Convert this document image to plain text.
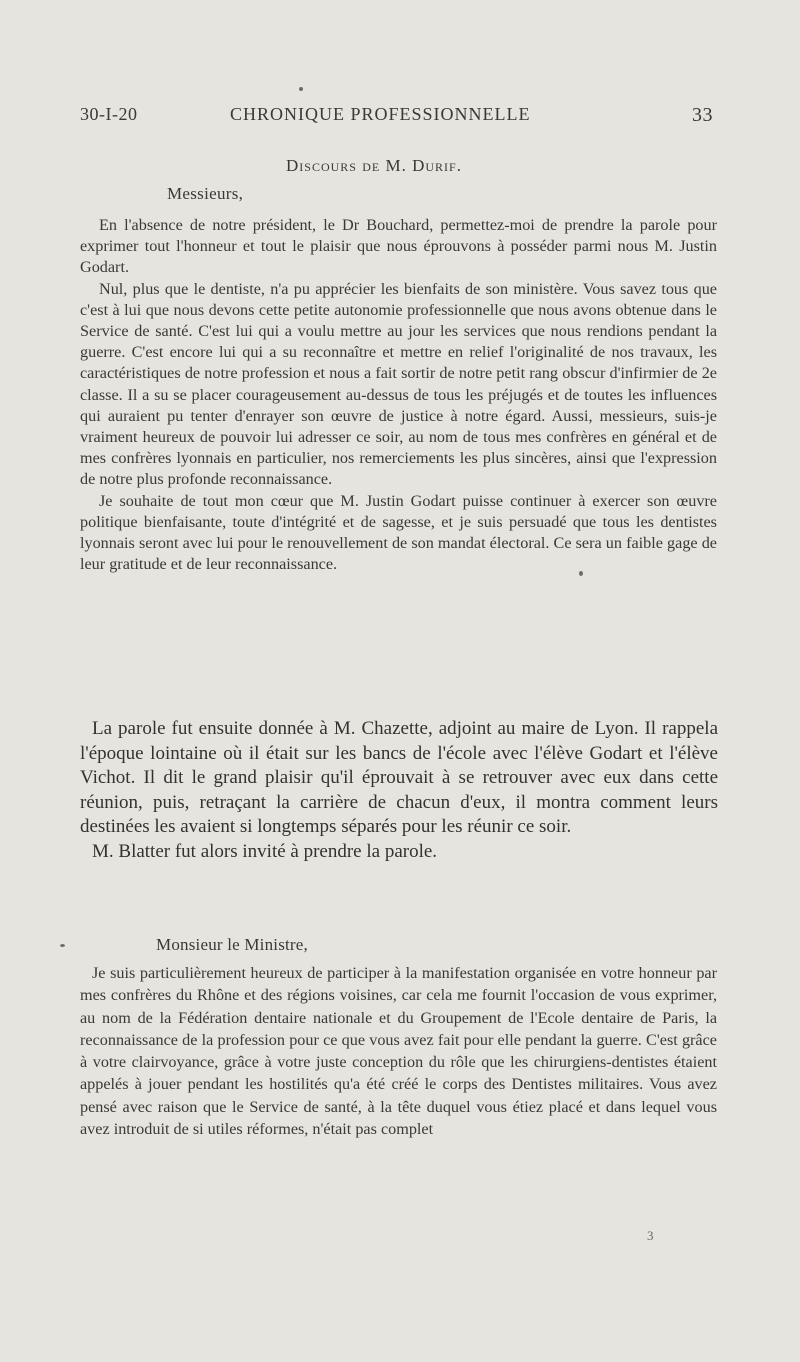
30-I-20	CHRONIQUE PROFESSIONNELLE	33
Discours de M. Durif.
Messieurs,

En l'absence de notre président, le Dr Bouchard, permettez-moi de prendre la parole pour exprimer tout l'honneur et tout le plaisir que nous éprouvons à posséder parmi nous M. Justin Godart.

Nul, plus que le dentiste, n'a pu apprécier les bienfaits de son ministère. Vous savez tous que c'est à lui que nous devons cette petite autonomie professionnelle que nous avons obtenue dans le Service de santé. C'est lui qui a voulu mettre au jour les services que nous rendions pendant la guerre. C'est encore lui qui a su reconnaître et mettre en relief l'originalité de nos travaux, les caractéristiques de notre profession et nous a fait sortir de notre petit rang obscur d'infirmier de 2e classe. Il a su se placer courageusement au-dessus de tous les préjugés et de toutes les influences qui auraient pu tenter d'enrayer son œuvre de justice à notre égard. Aussi, messieurs, suis-je vraiment heureux de pouvoir lui adresser ce soir, au nom de tous mes confrères en général et de mes confrères lyonnais en particulier, nos remerciements les plus sincères, ainsi que l'expression de notre plus profonde reconnaissance.

Je souhaite de tout mon cœur que M. Justin Godart puisse continuer à exercer son œuvre politique bienfaisante, toute d'intégrité et de sagesse, et je suis persuadé que tous les dentistes lyonnais seront avec lui pour le renouvellement de son mandat électoral. Ce sera un faible gage de leur gratitude et de leur reconnaissance.

La parole fut ensuite donnée à M. Chazette, adjoint au maire de Lyon. Il rappela l'époque lointaine où il était sur les bancs de l'école avec l'élève Godart et l'élève Vichot. Il dit le grand plaisir qu'il éprouvait à se retrouver avec eux dans cette réunion, puis, retraçant la carrière de chacun d'eux, il montra comment leurs destinées les avaient si longtemps séparés pour les réunir ce soir.

M. Blatter fut alors invité à prendre la parole.

Monsieur le Ministre,

Je suis particulièrement heureux de participer à la manifestation organisée en votre honneur par mes confrères du Rhône et des régions voisines, car cela me fournit l'occasion de vous exprimer, au nom de la Fédération dentaire nationale et du Groupement de l'Ecole dentaire de Paris, la reconnaissance de la profession pour ce que vous avez fait pour elle pendant la guerre. C'est grâce à votre clairvoyance, grâce à votre juste conception du rôle que les chirurgiens-dentistes étaient appelés à jouer pendant les hostilités qu'a été créé le corps des Dentistes militaires. Vous avez pensé avec raison que le Service de santé, à la tête duquel vous étiez placé et dans lequel vous avez introduit de si utiles réformes, n'était pas complet

3
